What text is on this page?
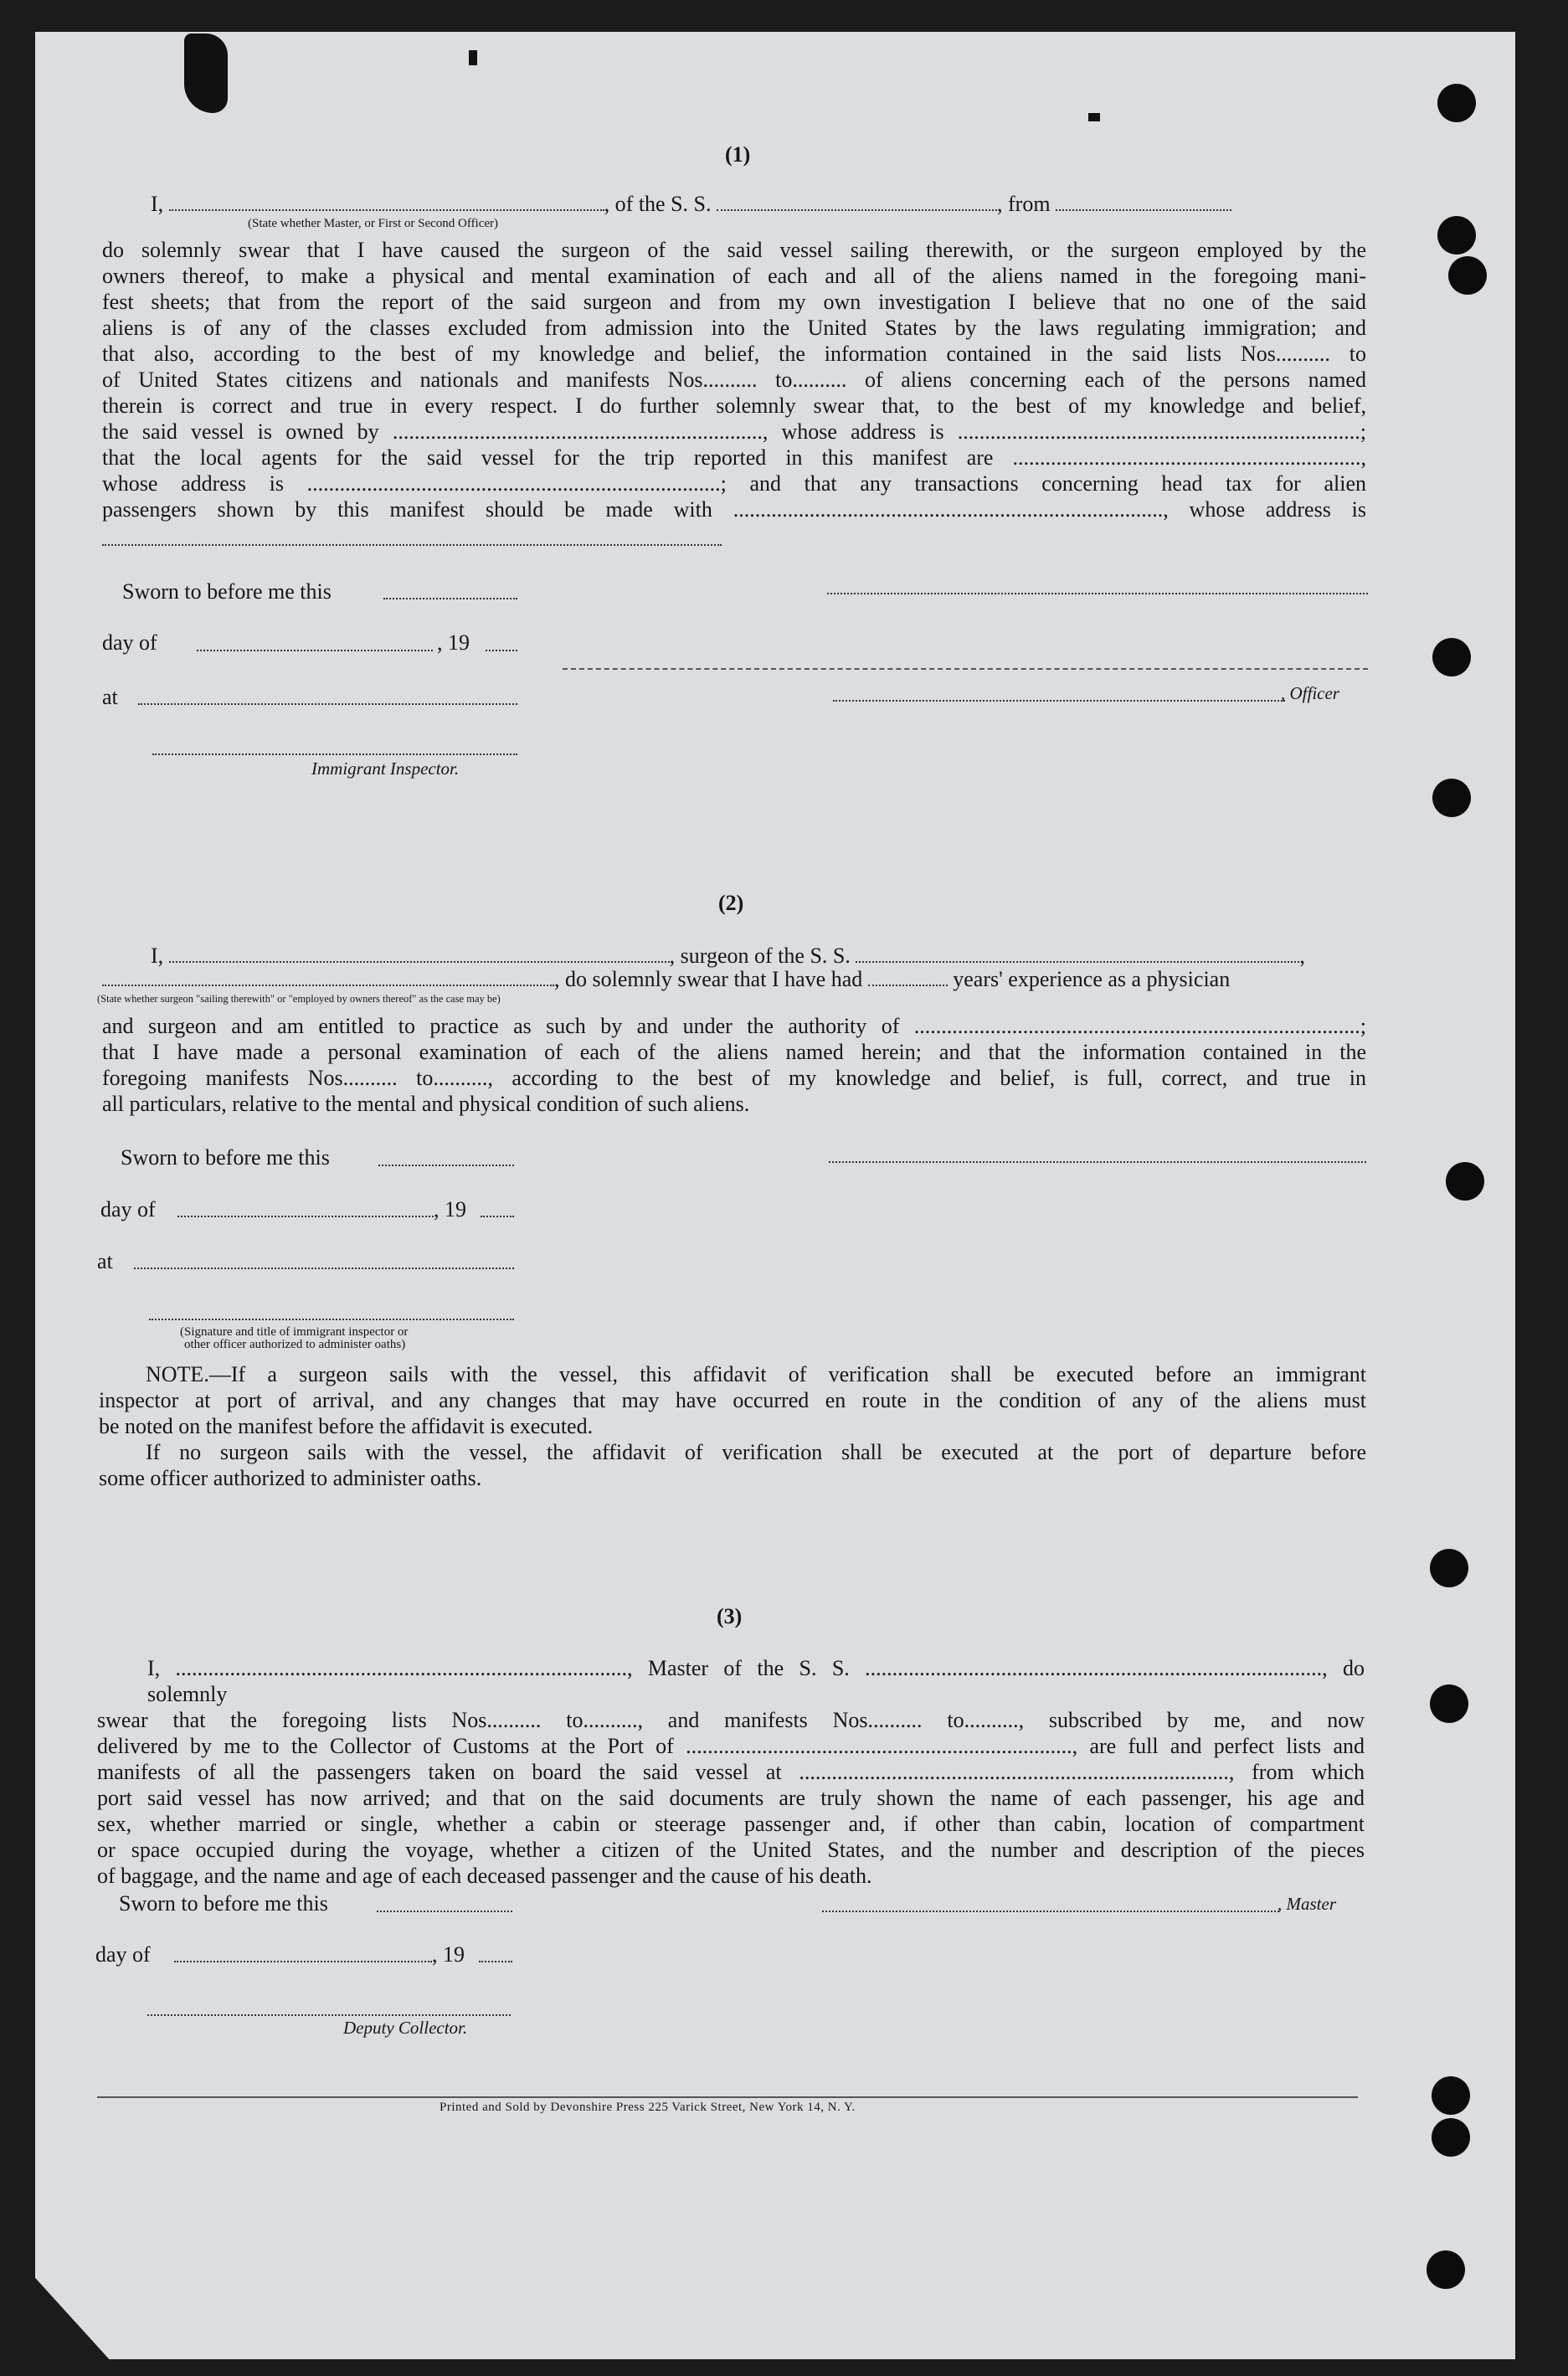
(1)
I,	, of the S. S.	, from
(State whether Master, or First or Second Officer)
do solemnly swear that I have caused the surgeon of the said vessel sailing therewith, or the surgeon employed by the
owners thereof, to make a physical and mental examination of each and all of the aliens named in the foregoing mani-
fest sheets; that from the report of the said surgeon and from my own investigation I believe that no one of the said
aliens is of any of the classes excluded from admission into the United States by the laws regulating immigration; and
that also, according to the best of my knowledge and belief, the information contained in the said lists Nos.......... to
of United States citizens and nationals and manifests Nos.......... to.......... of aliens concerning each of the persons named
therein is correct and true in every respect. I do further solemnly swear that, to the best of my knowledge and belief,
the said vessel is owned by ...................................................................., whose address is ..........................................................................;
that the local agents for the said vessel for the trip reported in this manifest are ................................................................,
whose address is ............................................................................; and that any transactions concerning head tax for alien
passengers shown by this manifest should be made with ..............................................................................., whose address is
Sworn to before me this
day of	, 19
at	, Officer
Immigrant Inspector.
(2)
I,	, surgeon of the S. S.	,
, do solemnly swear that I have had	years' experience as a physician
(State whether surgeon "sailing therewith" or "employed by owners thereof" as the case may be)
and surgeon and am entitled to practice as such by and under the authority of ..................................................................................;
that I have made a personal examination of each of the aliens named herein; and that the information contained in the
foregoing manifests Nos.......... to.........., according to the best of my knowledge and belief, is full, correct, and true in
all particulars, relative to the mental and physical condition of such aliens.
Sworn to before me this
day of	, 19
at
(Signature and title of immigrant inspector or
other officer authorized to administer oaths)
NOTE.—If a surgeon sails with the vessel, this affidavit of verification shall be executed before an immigrant
inspector at port of arrival, and any changes that may have occurred en route in the condition of any of the aliens must
be noted on the manifest before the affidavit is executed.
If no surgeon sails with the vessel, the affidavit of verification shall be executed at the port of departure before
some officer authorized to administer oaths.
(3)
I, ..................................................................................., Master of the S. S. ...................................................................................., do solemnly
swear that the foregoing lists Nos.......... to.........., and manifests Nos.......... to.........., subscribed by me, and now
delivered by me to the Collector of Customs at the Port of ......................................................................., are full and perfect lists and
manifests of all the passengers taken on board the said vessel at ..............................................................................., from which
port said vessel has now arrived; and that on the said documents are truly shown the name of each passenger, his age and
sex, whether married or single, whether a cabin or steerage passenger and, if other than cabin, location of compartment
or space occupied during the voyage, whether a citizen of the United States, and the number and description of the pieces
of baggage, and the name and age of each deceased passenger and the cause of his death.
Sworn to before me this	, Master
day of	, 19
Deputy Collector.
Printed and Sold by Devonshire Press 225 Varick Street, New York 14, N. Y.
